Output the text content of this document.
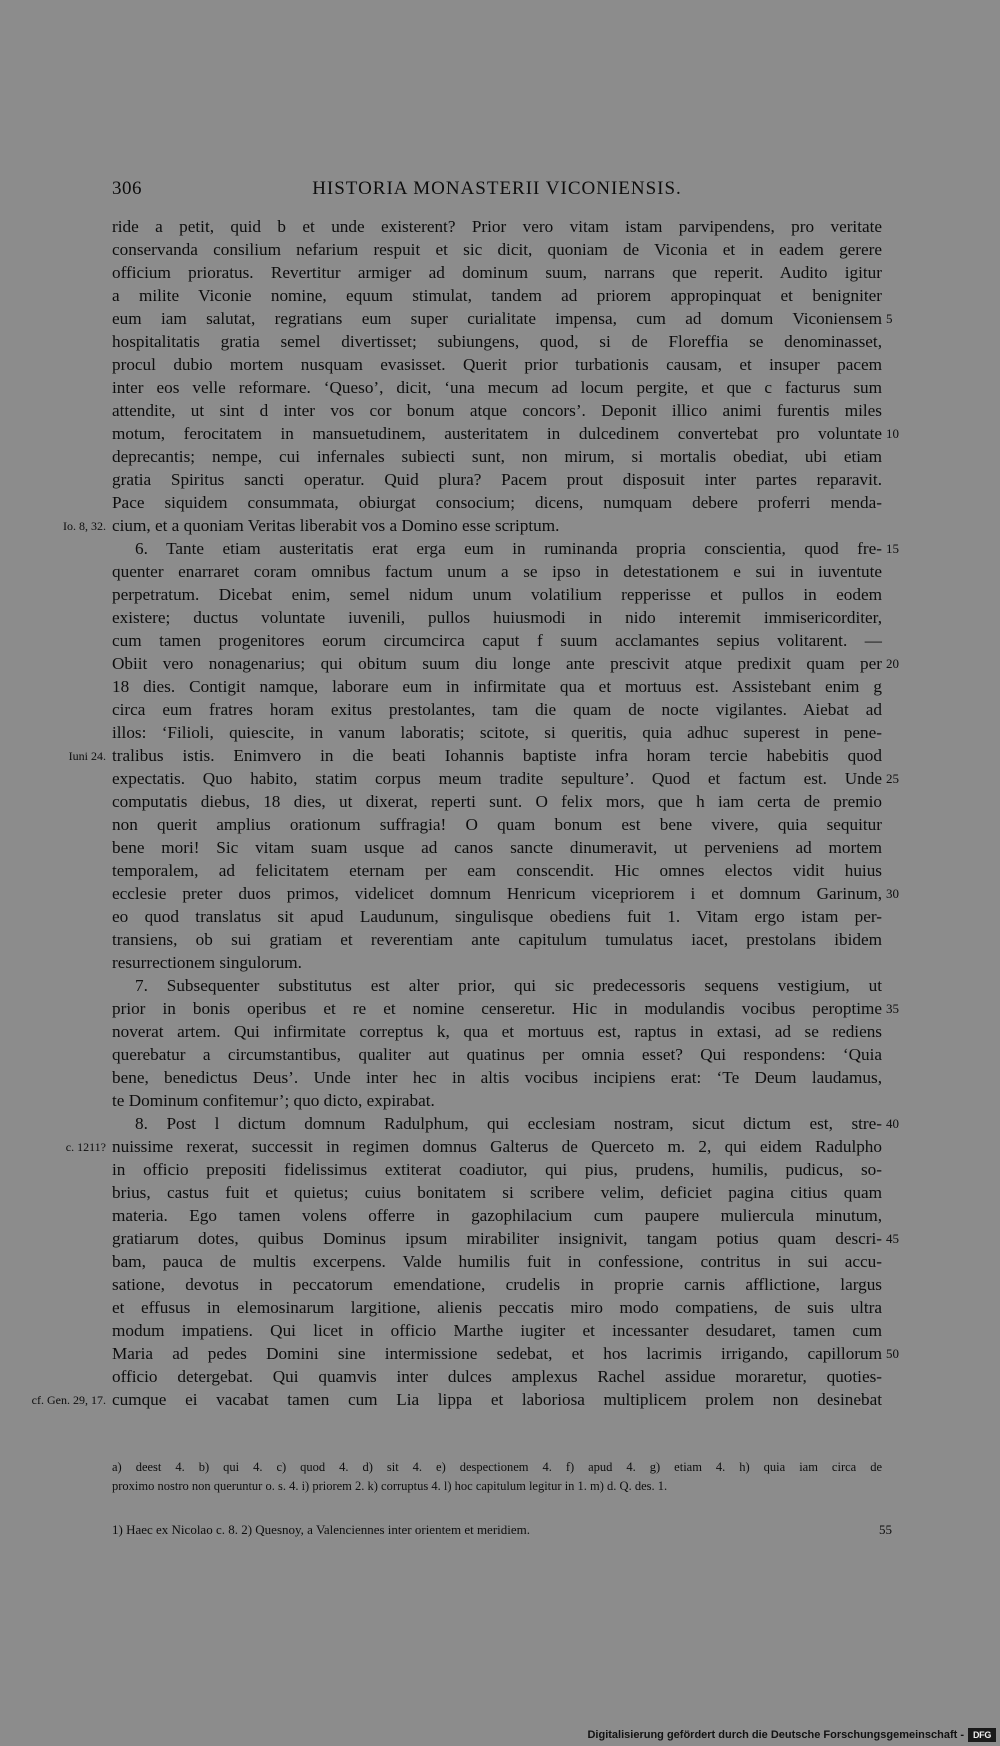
306	HISTORIA MONASTERII VICONIENSIS.
ride a petit, quid b et unde existerent? Prior vero vitam istam parvipendens, pro veritate
conservanda consilium nefarium respuit et sic dicit, quoniam de Viconia et in eadem gerere
officium prioratus. Revertitur armiger ad dominum suum, narrans que reperit. Audito igitur
a milite Viconie nomine, equum stimulat, tandem ad priorem appropinquat et benigniter
eum iam salutat, regratians eum super curialitate impensa, cum ad domum Viconiensem 5
hospitalitatis gratia semel divertisset; subiungens, quod, si de Floreffia se denominasset,
procul dubio mortem nusquam evasisset. Querit prior turbationis causam, et insuper pacem
inter eos velle reformare. ‘Queso’, dicit, ‘una mecum ad locum pergite, et que c facturus sum
attendite, ut sint d inter vos cor bonum atque concors’. Deponit illico animi furentis miles
motum, ferocitatem in mansuetudinem, austeritatem in dulcedinem convertebat pro voluntate 10
deprecantis; nempe, cui infernales subiecti sunt, non mirum, si mortalis obediat, ubi etiam
gratia Spiritus sancti operatur. Quid plura? Pacem prout disposuit inter partes reparavit.
Pace siquidem consummata, obiurgat consocium; dicens, numquam debere proferri menda-
cium, et a quoniam Veritas liberabit vos a Domino esse scriptum.
Io. 8, 32.
6. Tante etiam austeritatis erat erga eum in ruminanda propria conscientia, quod fre- 15
quenter enarraret coram omnibus factum unum a se ipso in detestationem e sui in iuventute
perpetratum. Dicebat enim, semel nidum unum volatilium repperisse et pullos in eodem
existere; ductus voluntate iuvenili, pullos huiusmodi in nido interemit immisericorditer,
cum tamen progenitores eorum circumcirca caput f suum acclamantes sepius volitarent. —
Obiit vero nonagenarius; qui obitum suum diu longe ante prescivit atque predixit quam per 20
18 dies. Contigit namque, laborare eum in infirmitate qua et mortuus est. Assistebant enim g
circa eum fratres horam exitus prestolantes, tam die quam de nocte vigilantes. Aiebat ad
illos: ‘Filioli, quiescite, in vanum laboratis; scitote, si queritis, quia adhuc superest in pene-
tralibus istis. Enimvero in die beati Iohannis baptiste infra horam tercie habebitis quod
Iuni 24.
expectatis. Quo habito, statim corpus meum tradite sepulture’. Quod et factum est. Unde 25
computatis diebus, 18 dies, ut dixerat, reperti sunt. O felix mors, que h iam certa de premio
non querit amplius orationum suffragia! O quam bonum est bene vivere, quia sequitur
bene mori! Sic vitam suam usque ad canos sancte dinumeravit, ut perveniens ad mortem
temporalem, ad felicitatem eternam per eam conscendit. Hic omnes electos vidit huius
ecclesie preter duos primos, videlicet domnum Henricum vicepriorem i et domnum Garinum, 30
eo quod translatus sit apud Laudunum, singulisque obediens fuit 1. Vitam ergo istam per-
transiens, ob sui gratiam et reverentiam ante capitulum tumulatus iacet, prestolans ibidem
resurrectionem singulorum.
7. Subsequenter substitutus est alter prior, qui sic predecessoris sequens vestigium, ut
prior in bonis operibus et re et nomine censeretur. Hic in modulandis vocibus peroptime 35
noverat artem. Qui infirmitate correptus k, qua et mortuus est, raptus in extasi, ad se rediens
querebatur a circumstantibus, qualiter aut quatinus per omnia esset? Qui respondens: ‘Quia
bene, benedictus Deus’. Unde inter hec in altis vocibus incipiens erat: ‘Te Deum laudamus,
te Dominum confitemur’; quo dicto, expirabat.
8. Post l dictum domnum Radulphum, qui ecclesiam nostram, sicut dictum est, stre- 40
nuissime rexerat, successit in regimen domnus Galterus de Querceto m. 2, qui eidem Radulpho
c. 1211?
in officio prepositi fidelissimus extiterat coadiutor, qui pius, prudens, humilis, pudicus, so-
brius, castus fuit et quietus; cuius bonitatem si scribere velim, deficiet pagina citius quam
materia. Ego tamen volens offerre in gazophilacium cum paupere muliercula minutum,
gratiarum dotes, quibus Dominus ipsum mirabiliter insignivit, tangam potius quam descri- 45
bam, pauca de multis excerpens. Valde humilis fuit in confessione, contritus in sui accu-
satione, devotus in peccatorum emendatione, crudelis in proprie carnis afflictione, largus
et effusus in elemosinarum largitione, alienis peccatis miro modo compatiens, de suis ultra
modum impatiens. Qui licet in officio Marthe iugiter et incessanter desudaret, tamen cum
Maria ad pedes Domini sine intermissione sedebat, et hos lacrimis irrigando, capillorum 50
officio detergebat. Qui quamvis inter dulces amplexus Rachel assidue moraretur, quoties-
cumque ei vacabat tamen cum Lia lippa et laboriosa multiplicem prolem non desinebat
cf. Gen. 29, 17.
a) deest 4. b) qui 4. c) quod 4. d) sit 4. e) despectionem 4. f) apud 4. g) etiam 4. h) quia iam circa de
proximo nostro non queruntur o. s. 4. i) priorem 2. k) corruptus 4. l) hoc capitulum legitur in 1. m) d. Q. des. 1.
1) Haec ex Nicolao c. 8. 2) Quesnoy, a Valenciennes inter orientem et meridiem.	55
Digitalisierung gefördert durch die Deutsche Forschungsgemeinschaft - DFG
